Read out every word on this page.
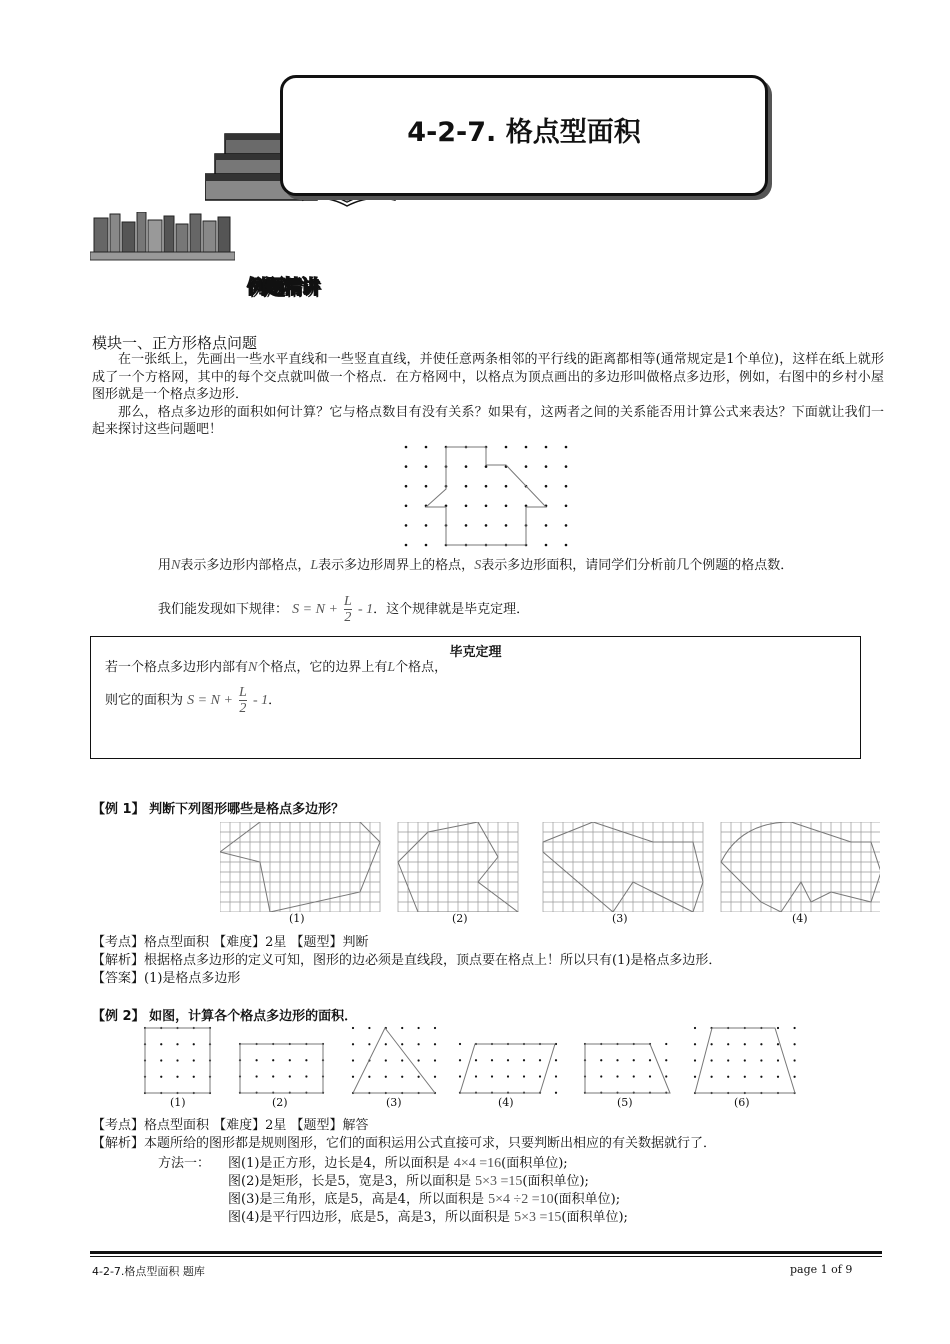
4-2-7. 格点型面积
例题精讲
模块一、正方形格点问题

在一张纸上，先画出一些水平直线和一些竖直直线，并使任意两条相邻的平行线的距离都相等(通常规定是1个单位)，这样在纸上就形成了一个方格网，其中的每个交点就叫做一个格点．在方格网中，以格点为顶点画出的多边形叫做格点多边形，例如，右图中的乡村小屋图形就是一个格点多边形．

那么，格点多边形的面积如何计算？它与格点数目有没有关系？如果有，这两者之间的关系能否用计算公式来表达？下面就让我们一起来探讨这些问题吧！

用N表示多边形内部格点，L表示多边形周界上的格点，S表示多边形面积，请同学们分析前几个例题的格点数．
我们能发现如下规律： $S = N + \frac{L}{2} - 1$．这个规律就是毕克定理．
毕克定理
若一个格点多边形内部有N个格点，它的边界上有L个格点，
则它的面积为 $S = N + \frac{L}{2} - 1$．
【例 1】 判断下列图形哪些是格点多边形？
(1)	(2)	(3)	(4)
【考点】格点型面积 【难度】2星 【题型】判断
【解析】根据格点多边形的定义可知，图形的边必须是直线段，顶点要在格点上！所以只有(1)是格点多边形．
【答案】(1)是格点多边形
【例 2】 如图，计算各个格点多边形的面积．
(1)	(2)	(3)	(4)	(5)	(6)
【考点】格点型面积 【难度】2星 【题型】解答
【解析】本题所给的图形都是规则图形，它们的面积运用公式直接可求，只要判断出相应的有关数据就行了．
方法一： 图(1)是正方形，边长是4，所以面积是 4×4 =16(面积单位);
图(2)是矩形，长是5，宽是3，所以面积是 5×3 =15(面积单位);
图(3)是三角形，底是5，高是4，所以面积是 5×4 ÷2 =10(面积单位);
图(4)是平行四边形，底是5，高是3，所以面积是 5×3 =15(面积单位);
4-2-7.格点型面积 题库	page 1 of 9
